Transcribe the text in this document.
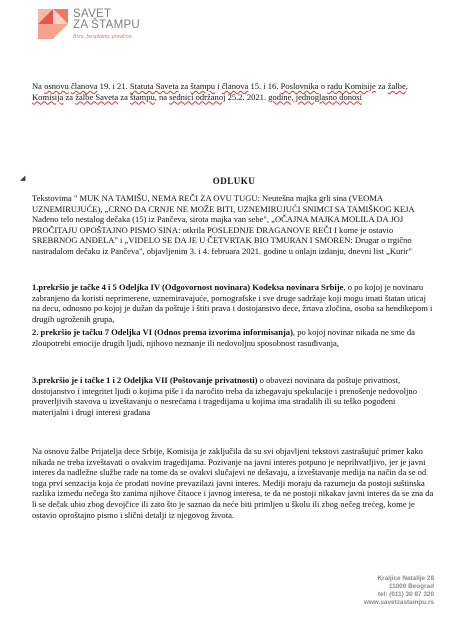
SAVET
ZA ŠTAMPU
Brzo, besplatno, pravično.
Na osnovu članova 19. i 21. Statuta Saveta za štampu i članova 15. i 16. Poslovnika o radu Komisije za žalbe, Komisija za žalbe Saveta za štampu, na sednici održanoj 25.2. 2021. godine, jednoglasno donosi
ODLUKU
◢
Tekstovima " MUK NA TAMIŠU, NEMA REČI ZA OVU TUGU: Neutešna majka grli sina (VEOMA UZNEMIRUJUĆE), „CRNO DA CRNJE NE MOŽE BITI, UZNEMIRUJUĆI SNIMCI SA TAMIŠKOG KEJA Nađeno telo nestalog dečaka (15) iz Pančeva, sirota majka van sebe", „OČAJNA MAJKA MOLILA DA JOJ PROČITAJU OPOŠTAJNO PISMO SINA: otkrila POSLEDNJE DRAGANOVE REČI I kome je ostavio SREBRNOG ANĐELA" i „VIDELO SE DA JE U ČETVRTAK BIO TMURAN I SMOREN: Drugar o trgično nastradalom dečaku iz Pančeva", objavljenim 3. i 4. februara 2021. godine u onlajn izdanju, dnevni list „Kurir"
1.prekršio je tačke 4 i 5 Odeljka IV (Odgovornost novinara) Kodeksa novinara Srbije, o po kojoj je novinaru zabranjeno da koristi neprimerene, uznemiravajuće, pornografske i sve druge sadržaje koji mogu imati štatan uticaj na decu, odnosno po kojoj je dužan da poštuje i štiti prava i dostojanstvo dece, žrtava zločina, osoba sa hendikepom i drugih ugroženih grupa,
2. prekršio je tačku 7 Odeljka VI (Odnos prema izvorima informisanja), po kojoj novinar nikada ne sme da zloupotrebi emocije drugih ljudi, njihovo neznanje ili nedovoljnu sposobnost rasuđivanja,
3.prekršio je i tačke 1 i 2 Odeljka VII (Poštovanje privatnosti) o obavezi novinara da poštuje privatnost, dostojanstvo i integritet ljudi o kojima piše i da naročito treba da izbegavaju spekulacije i prenošenje nedovoljno proverljivih stavova u izveštavanju o nesrećama i tragedijama u kojima ima stradalih ili su teško pogođeni materijalni i drugi interesi građana
Na osnovu žalbe Prijatelja dece Srbije, Komisija je zaključila da su svi objavljeni tekstovi zastrašujuć primer kako nikada ne treba izveštavati o ovakvim tragedijama. Pozivanje na javni interes potpuno je neprihvatljivo, jer je javni interes da nadležne službe rade na tome da se ovakvi slučajevi ne dešavaju, a izveštavanje medija na način da se od toga prvi senzacija koja će prodati novine prevazilazi javni interes. Mediji moraju da razumeju da postoji suštinska razlika između nečega što zanima njihove čitaoce i javnog interesa, te da ne postoji nikakav javni interes da se zna da li se dečak ubio zbog devojčice ili zato što je saznao da neće biti primljen u školu ili zbog nečeg trećeg, kome je ostavio oproštajno pismo i slični detalji iz njegovog života.
Kraljice Natalije 28
11000 Beograd
tel: (011) 30 87 320
www.savetzastampu.rs
